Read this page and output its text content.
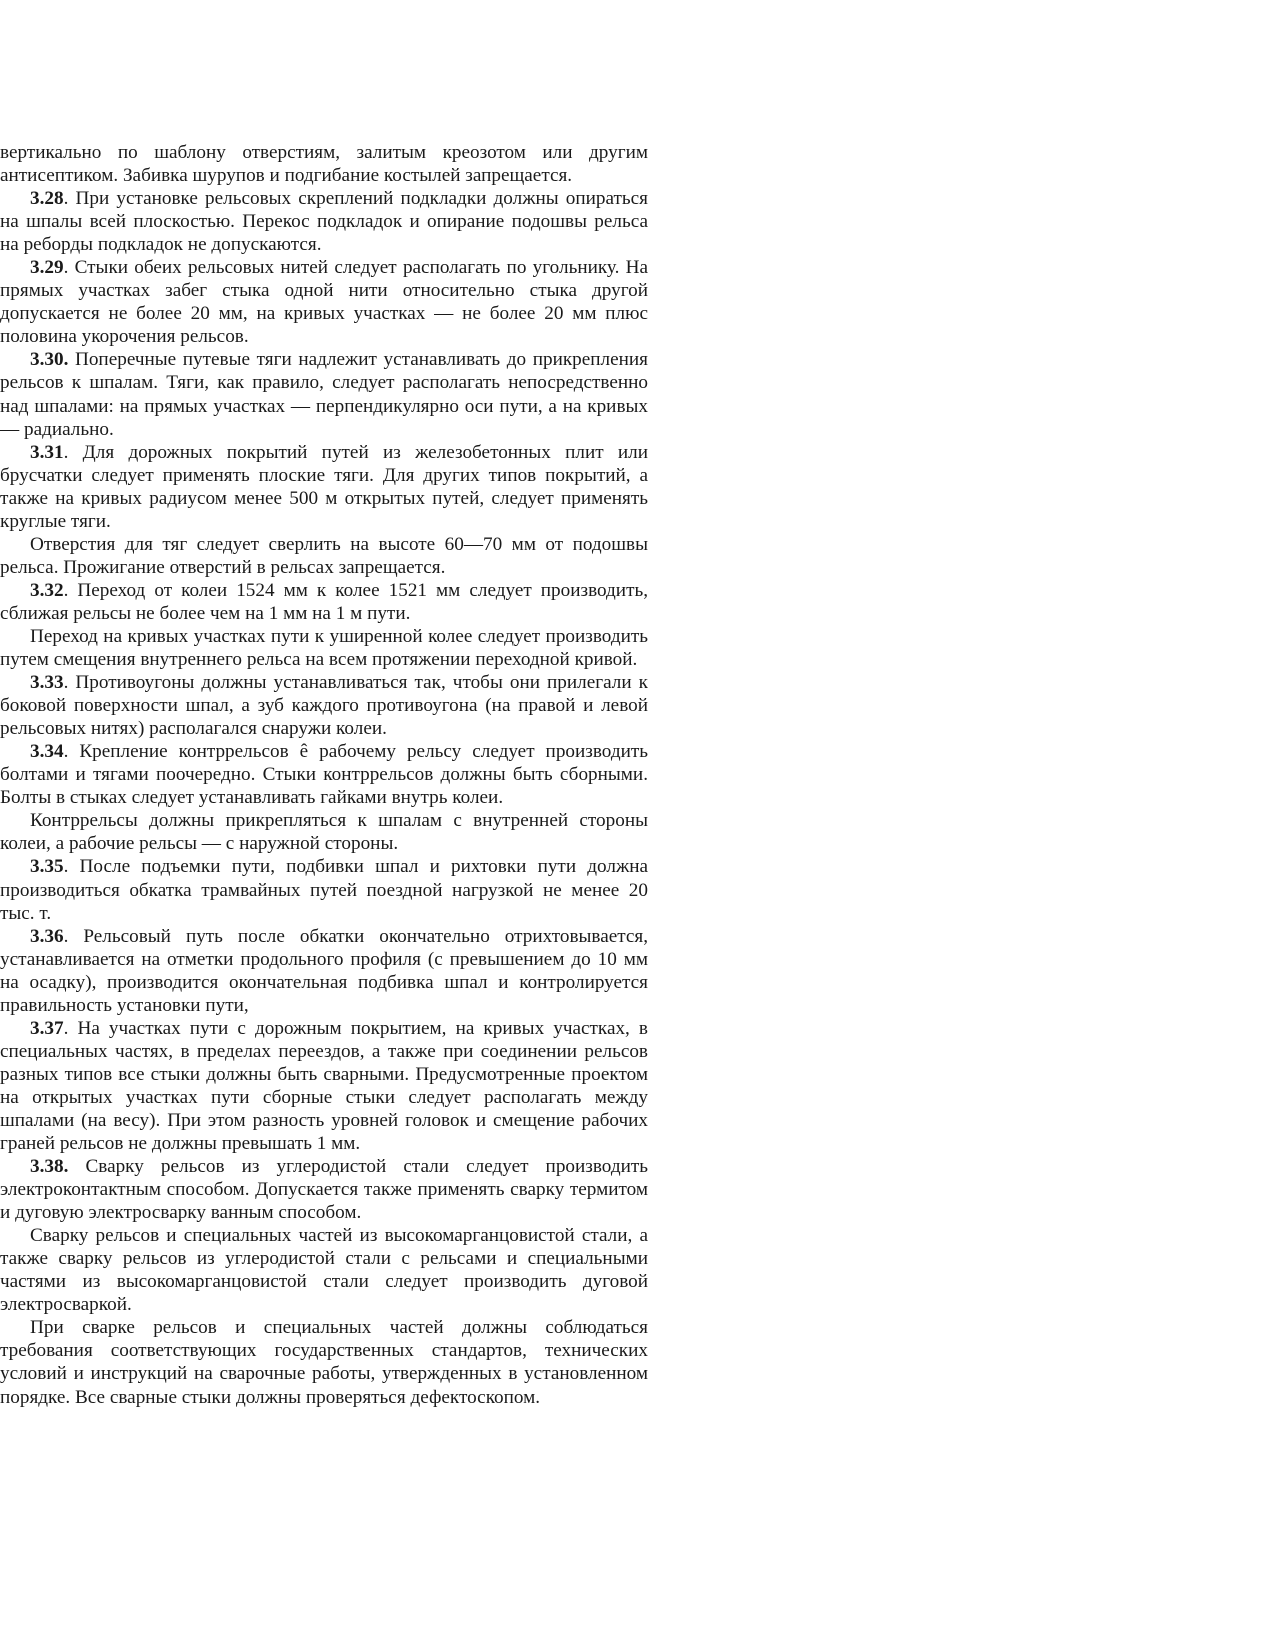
вертикально по шаблону отверстиям, залитым креозотом или другим антисептиком. Забивка шурупов и подгибание костылей запрещается.

3.28. При установке рельсовых скреплений подкладки должны опираться на шпалы всей плоскостью. Перекос подкладок и опирание подошвы рельса на реборды подкладок не допускаются.

3.29. Стыки обеих рельсовых нитей следует располагать по угольнику. На прямых участках забег стыка одной нити относительно стыка другой допускается не более 20 мм, на кривых участках — не более 20 мм плюс половина укорочения рельсов.

3.30. Поперечные путевые тяги надлежит устанавливать до прикрепления рельсов к шпалам. Тяги, как правило, следует располагать непосредственно над шпалами: на прямых участках — перпендикулярно оси пути, а на кривых — радиально.

3.31. Для дорожных покрытий путей из железобетонных плит или брусчатки следует применять плоские тяги. Для других типов покрытий, а также на кривых радиусом менее 500 м открытых путей, следует применять круглые тяги.

Отверстия для тяг следует сверлить на высоте 60—70 мм от подошвы рельса. Прожигание отверстий в рельсах запрещается.

3.32. Переход от колеи 1524 мм к колее 1521 мм следует производить, сближая рельсы не более чем на 1 мм на 1 м пути.

Переход на кривых участках пути к уширенной колее следует производить путем смещения внутреннего рельса на всем протяжении переходной кривой.

3.33. Противоугоны должны устанавливаться так, чтобы они прилегали к боковой поверхности шпал, а зуб каждого противоугона (на правой и левой рельсовых нитях) располагался снаружи колеи.

3.34. Крепление контррельсов ê рабочему рельсу следует производить болтами и тягами поочередно. Стыки контррельсов должны быть сборными. Болты в стыках следует устанавливать гайками внутрь колеи.

Контррельсы должны прикрепляться к шпалам с внутренней стороны колеи, а рабочие рельсы — с наружной стороны.

3.35. После подъемки пути, подбивки шпал и рихтовки пути должна производиться обкатка трамвайных путей поездной нагрузкой не менее 20 тыс. т.

3.36. Рельсовый путь после обкатки окончательно отрихтовывается, устанавливается на отметки продольного профиля (с превышением до 10 мм на осадку), производится окончательная подбивка шпал и контролируется правильность установки пути,

3.37. На участках пути с дорожным покрытием, на кривых участках, в специальных частях, в пределах переездов, а также при соединении рельсов разных типов все стыки должны быть сварными. Предусмотренные проектом на открытых участках пути сборные стыки следует располагать между шпалами (на весу). При этом разность уровней головок и смещение рабочих граней рельсов не должны превышать 1 мм.

3.38. Сварку рельсов из углеродистой стали следует производить электроконтактным способом. Допускается также применять сварку термитом и дуговую электросварку ванным способом.

Сварку рельсов и специальных частей из высокомарганцовистой стали, а также сварку рельсов из углеродистой стали с рельсами и специальными частями из высокомарганцовистой стали следует производить дуговой электросваркой.

При сварке рельсов и специальных частей должны соблюдаться требования соответствующих государственных стандартов, технических условий и инструкций на сварочные работы, утвержденных в установленном порядке. Все сварные стыки должны проверяться дефектоскопом.
